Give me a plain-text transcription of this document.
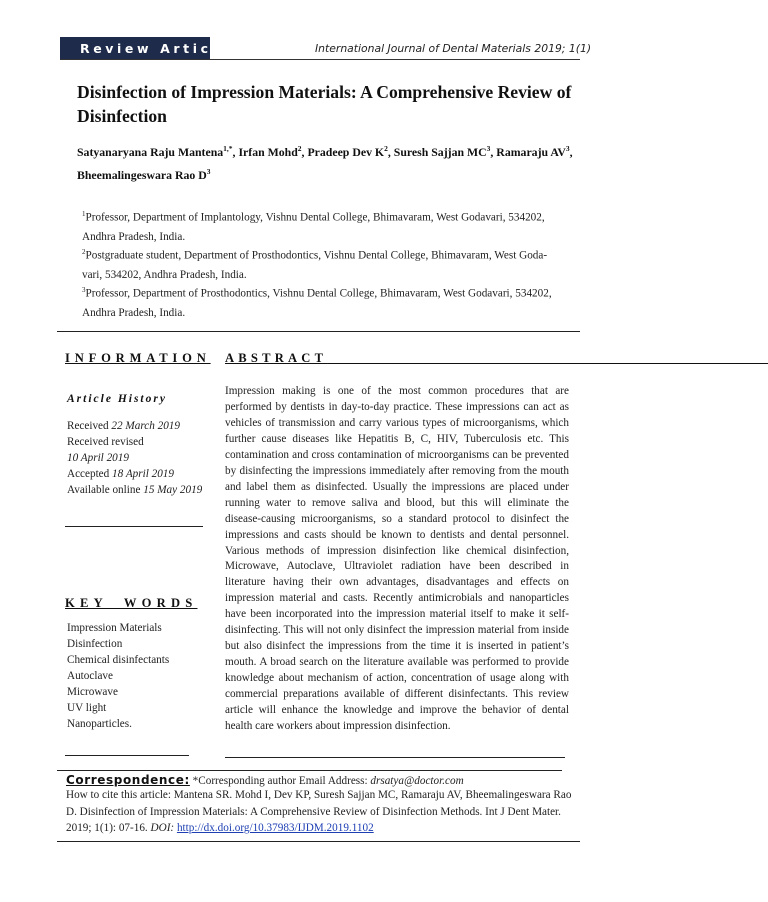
Review Article	International Journal of Dental Materials 2019; 1(1)
Disinfection of Impression Materials: A Comprehensive Review of Disinfection
Satyanaryana Raju Mantena$^{1,*}$, Irfan Mohd$^2$, Pradeep Dev $K^2$, Suresh Sajjan $MC^3$, Ramaraju $AV^3$,
Bheemalingeswara Rao $D^3$
$^1$Professor, Department of Implantology, Vishnu Dental College, Bhimavaram, West Godavari, 534202,
Andhra Pradesh, India.
$^2$Postgraduate student, Department of Prosthodontics, Vishnu Dental College, Bhimavaram, West Goda-
vari, 534202, Andhra Pradesh, India.
$^3$Professor, Department of Prosthodontics, Vishnu Dental College, Bhimavaram, West Godavari, 534202,
Andhra Pradesh, India.
INFORMATION
Article History
Received 22 March 2019
Received revised
10 April 2019
Accepted 18 April 2019
Available online 15 May 2019
KEY  WORDS
Impression Materials
Disinfection
Chemical disinfectants
Autoclave
Microwave
UV light
Nanoparticles.
ABSTRACT__________________________________________
Impression making is one of the most common procedures that are performed by dentists in day-to-day practice. These impressions can act as vehicles of transmission and carry various types of microorganisms, which further cause diseases like Hepatitis B, C, HIV, Tuberculosis etc. This contamination and cross contamination of microorganisms can be prevented by disinfecting the impressions immediately after removing from the mouth and label them as disinfected. Usually the impressions are placed under running water to remove saliva and blood, but this will eliminate the disease-causing microorganisms, so a standard protocol to disinfect the impressions and casts should be known to dentists and dental personnel. Various methods of impression disinfection like chemical disinfection, Microwave, Autoclave, Ultraviolet radiation have been described in literature having their own advantages, disadvantages and effects on impression material and casts. Recently antimicrobials and nanoparticles have been incorporated into the impression material itself to make it self- disinfecting. This will not only disinfect the impression material from inside but also disinfect the impressions from the time it is inserted in patient’s mouth. A broad search on the literature available was performed to provide knowledge about mechanism of action, concentration of usage along with commercial preparations available of different disinfectants. This review article will enhance the knowledge and improve the behavior of dental health care workers about impression disinfection.
Correspondence: *Corresponding author Email Address: drsatya@doctor.com
How to cite this article: Mantena SR. Mohd I, Dev KP, Suresh Sajjan MC, Ramaraju AV, Bheemalingeswara Rao D. Disinfection of Impression Materials: A Comprehensive Review of Disinfection Methods. Int J Dent Mater. 2019; 1(1): 07-16. DOI: http://dx.doi.org/10.37983/IJDM.2019.1102
